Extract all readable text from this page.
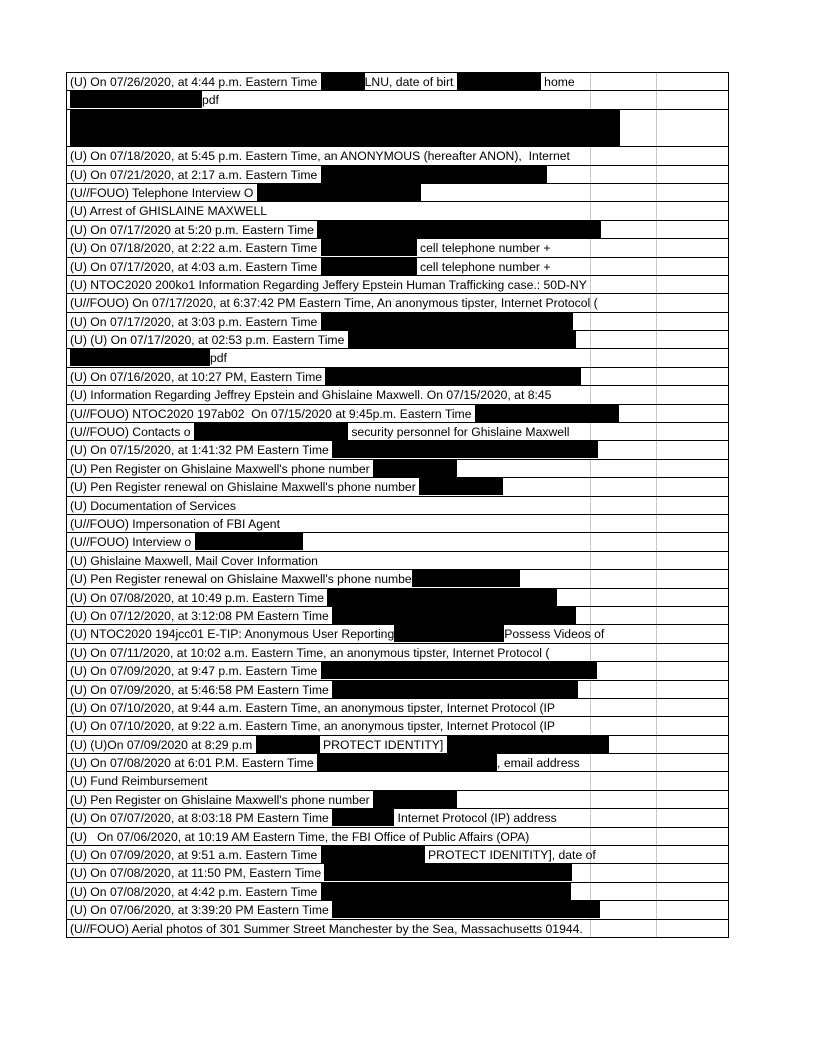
(U) On 07/26/2020, at 4:44 p.m. Eastern Time	LNU, date of birt	home
pdf
(U) On 07/18/2020, at 5:45 p.m. Eastern Time, an ANONYMOUS (hereafter ANON),  Internet
(U) On 07/21/2020, at 2:17 a.m. Eastern Time
(U//FOUO) Telephone Interview O
(U) Arrest of GHISLAINE MAXWELL
(U) On 07/17/2020 at 5:20 p.m. Eastern Time
(U) On 07/18/2020, at 2:22 a.m. Eastern Time	cell telephone number +
(U) On 07/17/2020, at 4:03 a.m. Eastern Time	cell telephone number +
(U) NTOC2020 200ko1 Information Regarding Jeffery Epstein Human Trafficking case.: 50D-NY
(U//FOUO) On 07/17/2020, at 6:37:42 PM Eastern Time, An anonymous tipster, Internet Protocol (
(U) On 07/17/2020, at 3:03 p.m. Eastern Time
(U) (U) On 07/17/2020, at 02:53 p.m. Eastern Time
pdf
(U) On 07/16/2020, at 10:27 PM, Eastern Time
(U) Information Regarding Jeffrey Epstein and Ghislaine Maxwell. On 07/15/2020, at 8:45
(U//FOUO) NTOC2020 197ab02  On 07/15/2020 at 9:45p.m. Eastern Time
(U//FOUO) Contacts o	security personnel for Ghislaine Maxwell
(U) On 07/15/2020, at 1:41:32 PM Eastern Time
(U) Pen Register on Ghislaine Maxwell's phone number
(U) Pen Register renewal on Ghislaine Maxwell's phone number
(U) Documentation of Services
(U//FOUO) Impersonation of FBI Agent
(U//FOUO) Interview o
(U) Ghislaine Maxwell, Mail Cover Information
(U) Pen Register renewal on Ghislaine Maxwell's phone numbe
(U) On 07/08/2020, at 10:49 p.m. Eastern Time
(U) On 07/12/2020, at 3:12:08 PM Eastern Time
(U) NTOC2020 194jcc01 E-TIP: Anonymous User Reporting	Possess Videos of
(U) On 07/11/2020, at 10:02 a.m. Eastern Time, an anonymous tipster, Internet Protocol (
(U) On 07/09/2020, at 9:47 p.m. Eastern Time
(U) On 07/09/2020, at 5:46:58 PM Eastern Time
(U) On 07/10/2020, at 9:44 a.m. Eastern Time, an anonymous tipster, Internet Protocol (IP
(U) On 07/10/2020, at 9:22 a.m. Eastern Time, an anonymous tipster, Internet Protocol (IP
(U) (U)On 07/09/2020 at 8:29 p.m	PROTECT IDENTITY]
(U) On 07/08/2020 at 6:01 P.M. Eastern Time	, email address
(U) Fund Reimbursement
(U) Pen Register on Ghislaine Maxwell's phone number
(U) On 07/07/2020, at 8:03:18 PM Eastern Time	Internet Protocol (IP) address
(U)   On 07/06/2020, at 10:19 AM Eastern Time, the FBI Office of Public Affairs (OPA)
(U) On 07/09/2020, at 9:51 a.m. Eastern Time	PROTECT IDENITITY], date of
(U) On 07/08/2020, at 11:50 PM, Eastern Time
(U) On 07/08/2020, at 4:42 p.m. Eastern Time
(U) On 07/06/2020, at 3:39:20 PM Eastern Time
(U//FOUO) Aerial photos of 301 Summer Street Manchester by the Sea, Massachusetts 01944.
